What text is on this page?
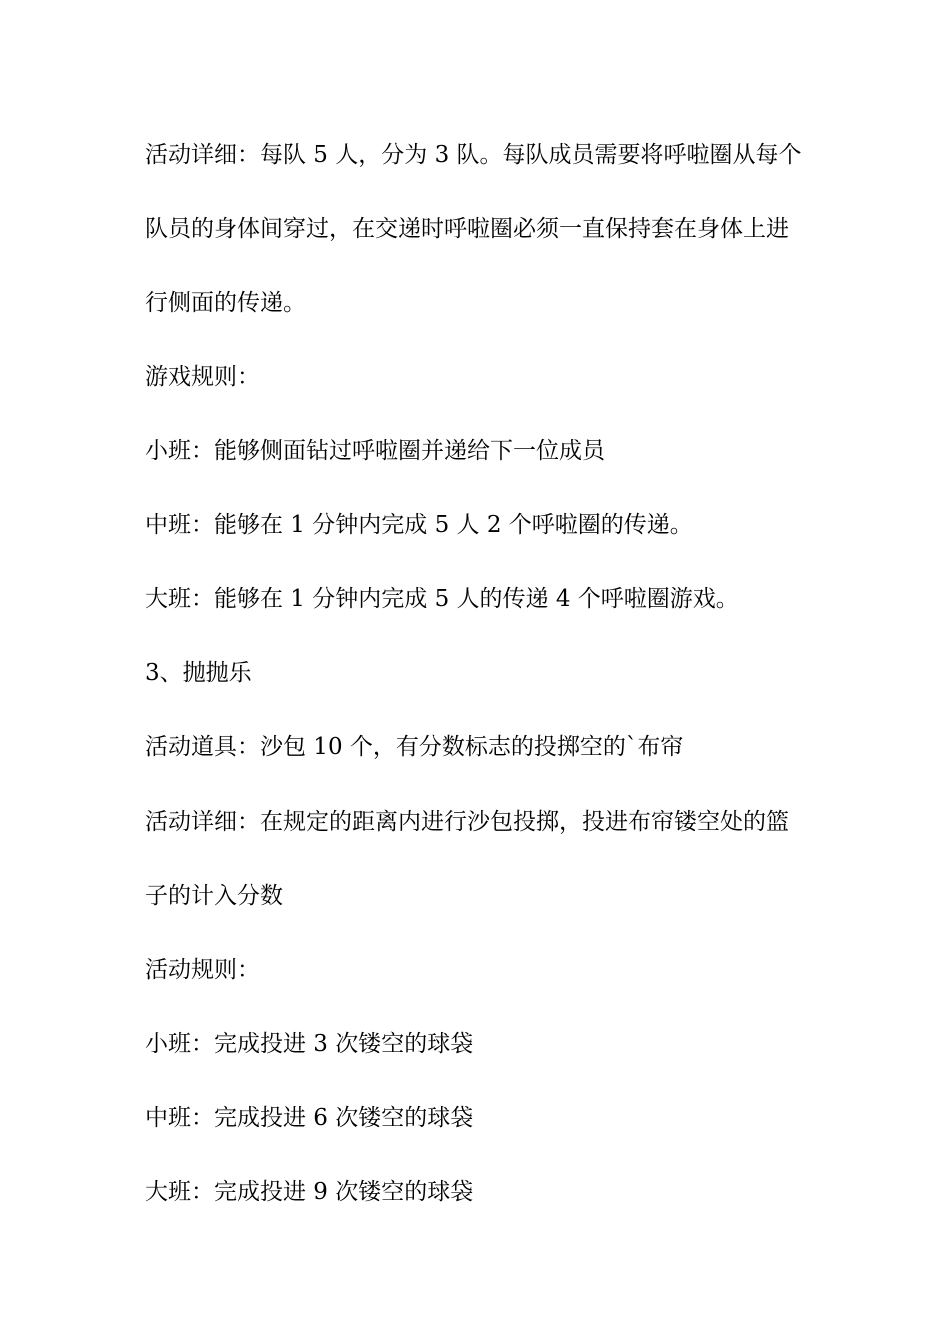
活动详细：每队 5 人，分为 3 队。每队成员需要将呼啦圈从每个队员的身体间穿过，在交递时呼啦圈必须一直保持套在身体上进行侧面的传递。

游戏规则：

小班：能够侧面钻过呼啦圈并递给下一位成员

中班：能够在 1 分钟内完成 5 人 2 个呼啦圈的传递。

大班：能够在 1 分钟内完成 5 人的传递 4 个呼啦圈游戏。

3、抛抛乐

活动道具：沙包 10 个，有分数标志的投掷空的`布帘

活动详细：在规定的距离内进行沙包投掷，投进布帘镂空处的篮子的计入分数

活动规则：

小班：完成投进 3 次镂空的球袋

中班：完成投进 6 次镂空的球袋

大班：完成投进 9 次镂空的球袋
